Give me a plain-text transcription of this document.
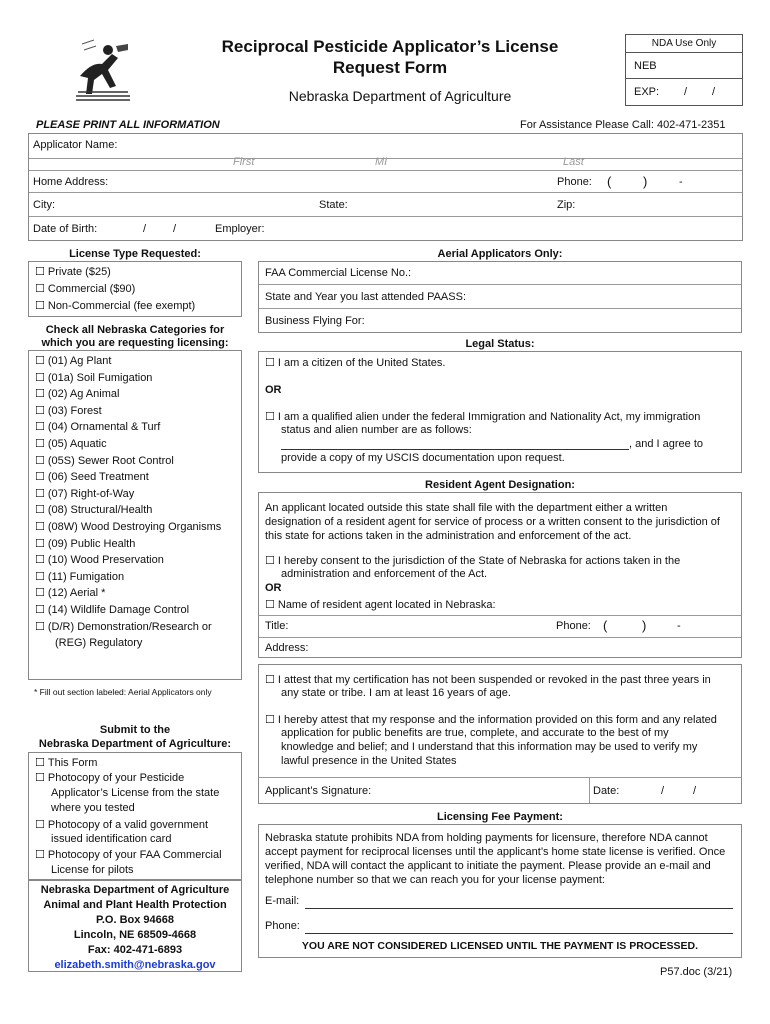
Reciprocal Pesticide Applicator’s License
Request Form
Nebraska Department of Agriculture
NDA Use Only
NEB
EXP: / /
PLEASE PRINT ALL INFORMATION	For Assistance Please Call: 402-471-2351
Applicator Name:
First	MI	Last
Home Address:	Phone: ( )	-
City:	State:	Zip:
Date of Birth:	/ /	Employer:
License Type Requested:
☐ Private ($25)
☐ Commercial ($90)
☐ Non-Commercial (fee exempt)
Check all Nebraska Categories for
which you are requesting licensing:
☐ (01) Ag Plant
☐ (01a) Soil Fumigation
☐ (02) Ag Animal
☐ (03) Forest
☐ (04) Ornamental & Turf
☐ (05) Aquatic
☐ (05S) Sewer Root Control
☐ (06) Seed Treatment
☐ (07) Right-of-Way
☐ (08) Structural/Health
☐ (08W) Wood Destroying Organisms
☐ (09) Public Health
☐ (10) Wood Preservation
☐ (11) Fumigation
☐ (12) Aerial *
☐ (14) Wildlife Damage Control
☐ (D/R) Demonstration/Research or
(REG) Regulatory
* Fill out section labeled: Aerial Applicators only
Submit to the
Nebraska Department of Agriculture:
☐ This Form
☐ Photocopy of your Pesticide
Applicator’s License from the state
where you tested
☐ Photocopy of a valid government
issued identification card
☐ Photocopy of your FAA Commercial
License for pilots
Nebraska Department of Agriculture
Animal and Plant Health Protection
P.O. Box 94668
Lincoln, NE 68509-4668
Fax: 402-471-6893
elizabeth.smith@nebraska.gov
Aerial Applicators Only:
FAA Commercial License No.:
State and Year you last attended PAASS:
Business Flying For:
Legal Status:
☐ I am a citizen of the United States.
OR
☐ I am a qualified alien under the federal Immigration and Nationality Act, my immigration
status and alien number are as follows:
, and I agree to
provide a copy of my USCIS documentation upon request.
Resident Agent Designation:
An applicant located outside this state shall file with the department either a written
designation of a resident agent for service of process or a written consent to the jurisdiction of
this state for actions taken in the administration and enforcement of the act.
☐ I hereby consent to the jurisdiction of the State of Nebraska for actions taken in the
administration and enforcement of the Act.
OR
☐ Name of resident agent located in Nebraska:
Title:	Phone: (	)	-
Address:
☐ I attest that my certification has not been suspended or revoked in the past three years in
any state or tribe. I am at least 16 years of age.
☐ I hereby attest that my response and the information provided on this form and any related
application for public benefits are true, complete, and accurate to the best of my
knowledge and belief; and I understand that this information may be used to verify my
lawful presence in the United States
Applicant’s Signature:	Date:	/	/
Licensing Fee Payment:
Nebraska statute prohibits NDA from holding payments for licensure, therefore NDA cannot
accept payment for reciprocal licenses until the applicant’s home state license is verified. Once
verified, NDA will contact the applicant to initiate the payment. Please provide an e-mail and
telephone number so that we can reach you for your license payment:
E-mail:
Phone:
YOU ARE NOT CONSIDERED LICENSED UNTIL THE PAYMENT IS PROCESSED.
P57.doc (3/21)
